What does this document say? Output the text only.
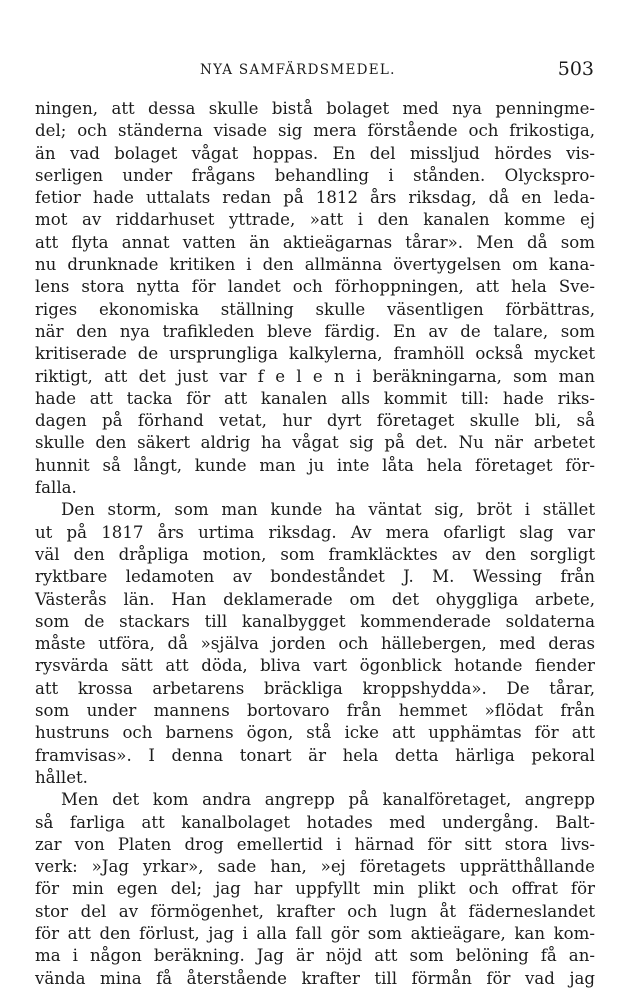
NYA SAMFÄRDSMEDEL.	503
ningen, att dessa skulle bistå bolaget med nya penningme-
del; och ständerna visade sig mera förstående och frikostiga,
än vad bolaget vågat hoppas. En del missljud hördes vis-
serligen under frågans behandling i stånden. Olyckspro-
fetior hade uttalats redan på 1812 års riksdag, då en leda-
mot av riddarhuset yttrade, »att i den kanalen komme ej
att flyta annat vatten än aktieägarnas tårar». Men då som
nu drunknade kritiken i den allmänna övertygelsen om kana-
lens stora nytta för landet och förhoppningen, att hela Sve-
riges ekonomiska ställning skulle väsentligen förbättras,
när den nya trafikleden bleve färdig. En av de talare, som
kritiserade de ursprungliga kalkylerna, framhöll också mycket
riktigt, att det just var f e l e n i beräkningarna, som man
hade att tacka för att kanalen alls kommit till: hade riks-
dagen på förhand vetat, hur dyrt företaget skulle bli, så
skulle den säkert aldrig ha vågat sig på det. Nu när arbetet
hunnit så långt, kunde man ju inte låta hela företaget för-
falla.
Den storm, som man kunde ha väntat sig, bröt i stället
ut på 1817 års urtima riksdag. Av mera ofarligt slag var
väl den dråpliga motion, som framkläcktes av den sorgligt
ryktbare ledamoten av bondeståndet J. M. Wessing från
Västerås län. Han deklamerade om det ohyggliga arbete,
som de stackars till kanalbygget kommenderade soldaterna
måste utföra, då »själva jorden och hällebergen, med deras
rysvärda sätt att döda, bliva vart ögonblick hotande fiender
att krossa arbetarens bräckliga kroppshyddа». De tårar,
som under mannens bortovaro från hemmet »flödat från
hustruns och barnens ögon, stå icke att upphämtas för att
framvisas». I denna tonart är hela detta härliga pekoral
hållet.
Men det kom andra angrepp på kanalföretaget, angrepp
så farliga att kanalbolaget hotades med undergång. Balt-
zar von Platen drog emellertid i härnad för sitt stora livs-
verk: »Jag yrkar», sade han, »ej företagets upprätthållande
för min egen del; jag har uppfyllt min plikt och offrat för
stor del av förmögenhet, krafter och lugn åt fäderneslandet
för att den förlust, jag i alla fall gör som aktieägare, kan kom-
ma i någon beräkning. Jag är nöjd att som belöning få an-
vända mina få återstående krafter till förmån för vad jag
